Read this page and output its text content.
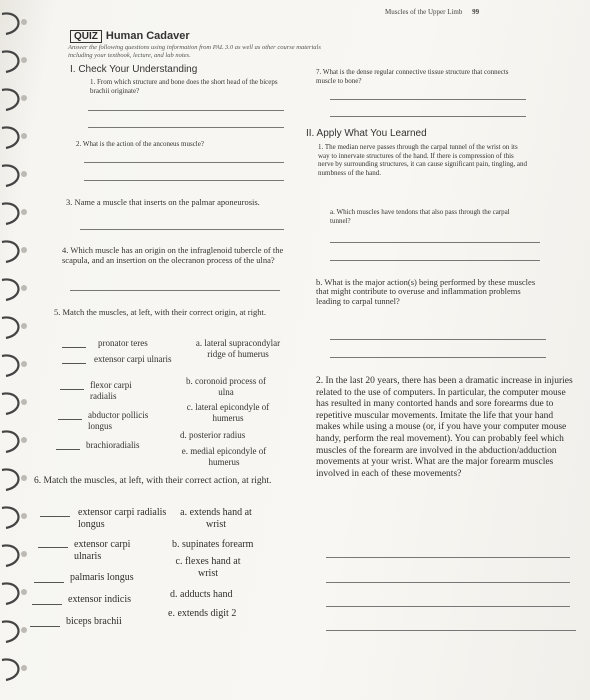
Muscles of the Upper Limb 99
QUIZ Human Cadaver
Answer the following questions using information from PAL 3.0 as well as other course materials
including your textbook, lecture, and lab notes.
I. Check Your Understanding
1. From which structure and bone does the short head of the biceps brachii originate?
2. What is the action of the anconeus muscle?
3. Name a muscle that inserts on the palmar aponeurosis.
4. Which muscle has an origin on the infraglenoid tubercle of the scapula, and an insertion on the olecranon process of the ulna?
5. Match the muscles, at left, with their correct origin, at right.
pronator teres
extensor carpi ulnaris
flexor carpi radialis
abductor pollicis longus
brachioradialis
a. lateral supracondylar ridge of humerus
b. coronoid process of ulna
c. lateral epicondyle of humerus
d. posterior radius
e. medial epicondyle of humerus
6. Match the muscles, at left, with their correct action, at right.
extensor carpi radialis longus
extensor carpi ulnaris
palmaris longus
extensor indicis
biceps brachii
a. extends hand at wrist
b. supinates forearm
c. flexes hand at wrist
d. adducts hand
e. extends digit 2
7. What is the dense regular connective tissue structure that connects muscle to bone?
II. Apply What You Learned
1. The median nerve passes through the carpal tunnel of the wrist on its way to innervate structures of the hand. If there is compression of this nerve by surrounding structures, it can cause significant pain, tingling, and numbness of the hand.
a. Which muscles have tendons that also pass through the carpal tunnel?
b. What is the major action(s) being performed by these muscles that might contribute to overuse and inflammation problems leading to carpal tunnel?
2. In the last 20 years, there has been a dramatic increase in injuries related to the use of computers. In particular, the computer mouse has resulted in many contorted hands and sore forearms due to repetitive muscular movements. Imitate the life that your hand makes while using a mouse (or, if you have your computer mouse handy, perform the real movement). You can probably feel which muscles of the forearm are involved in the abduction/adduction movements at your wrist. What are the major forearm muscles involved in each of these movements?
